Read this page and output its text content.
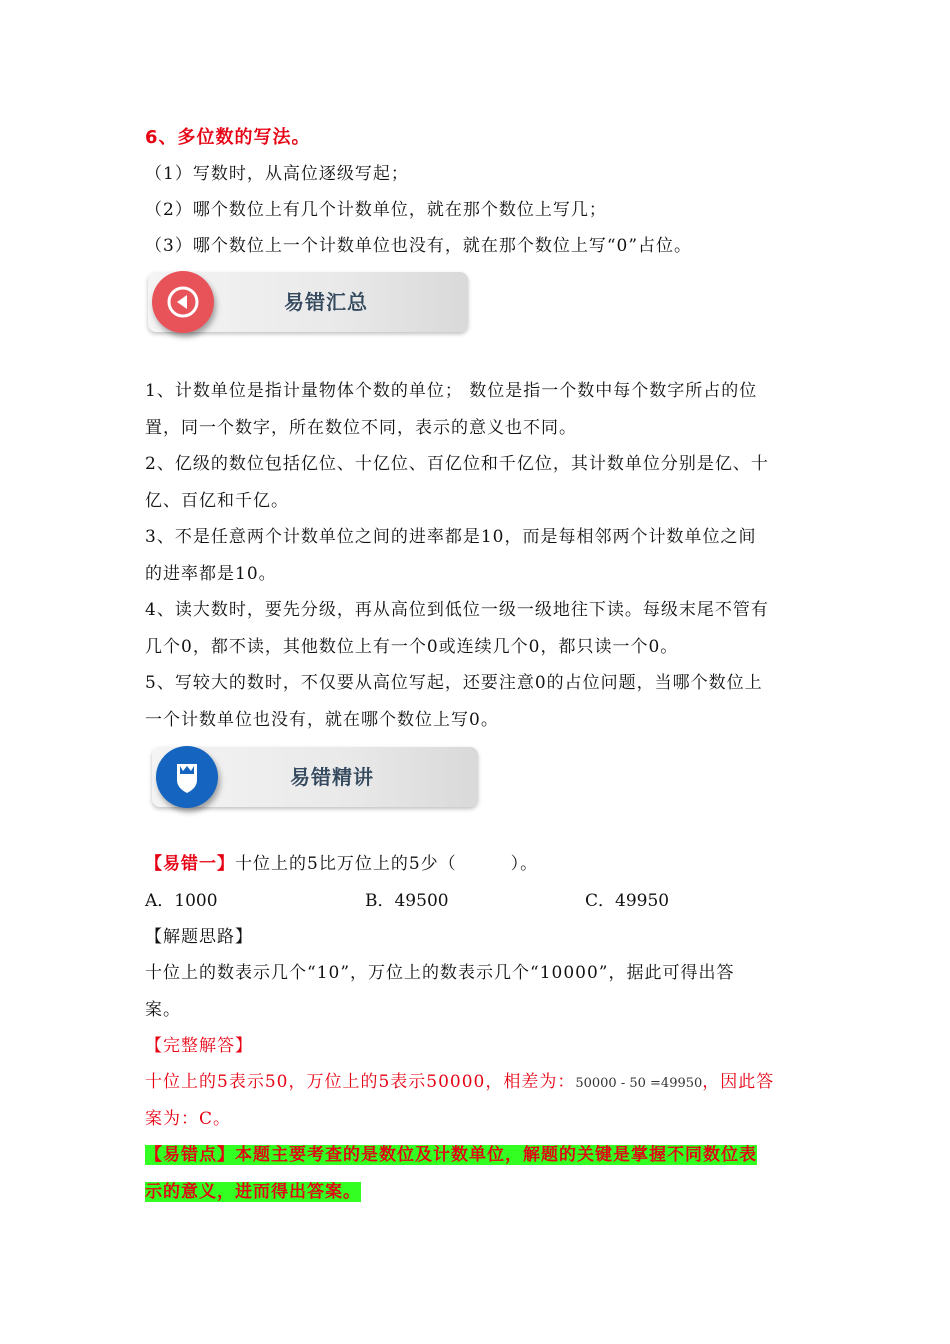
6、多位数的写法。
（1）写数时，从高位逐级写起；
（2）哪个数位上有几个计数单位，就在那个数位上写几；
（3）哪个数位上一个计数单位也没有，就在那个数位上写“0”占位。
易错汇总
1、计数单位是指计量物体个数的单位； 数位是指一个数中每个数字所占的位
置，同一个数字，所在数位不同，表示的意义也不同。
2、亿级的数位包括亿位、十亿位、百亿位和千亿位，其计数单位分别是亿、十
亿、百亿和千亿。
3、不是任意两个计数单位之间的进率都是10，而是每相邻两个计数单位之间
的进率都是10。
4、读大数时，要先分级，再从高位到低位一级一级地往下读。每级末尾不管有
几个0，都不读，其他数位上有一个0或连续几个0，都只读一个0。
5、写较大的数时，不仅要从高位写起，还要注意0的占位问题，当哪个数位上
一个计数单位也没有，就在哪个数位上写0。
易错精讲
【易错一】十位上的5比万位上的5少（　　　）。
A．1000	B．49500	C．49950
【解题思路】
十位上的数表示几个“10”，万位上的数表示几个“10000”，据此可得出答
案。
【完整解答】
十位上的5表示50，万位上的5表示50000，相差为：50000 - 50 =49950，因此答
案为：C。
【易错点】本题主要考查的是数位及计数单位，解题的关键是掌握不同数位表
示的意义，进而得出答案。
